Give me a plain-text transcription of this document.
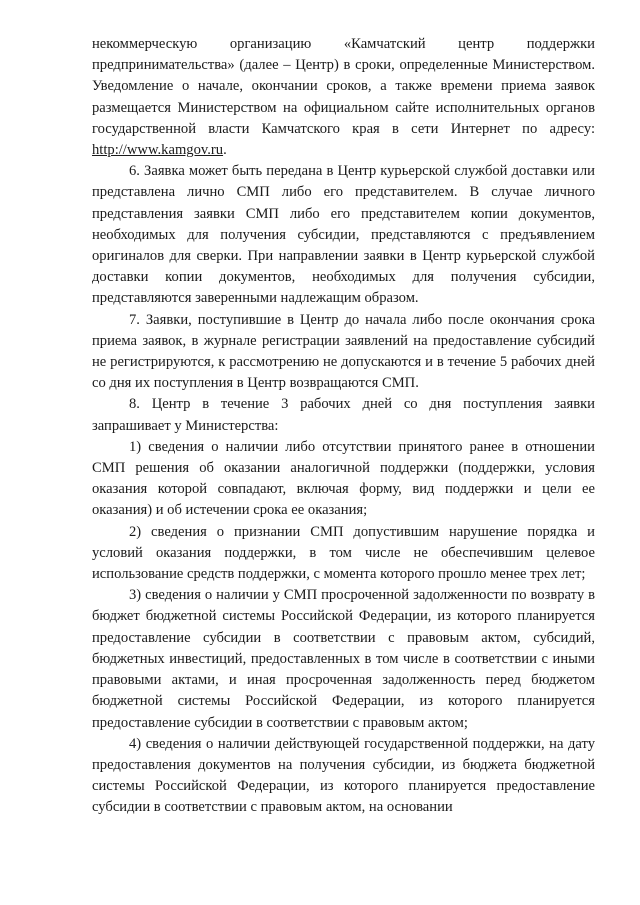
некоммерческую организацию «Камчатский центр поддержки предпринимательства» (далее – Центр) в сроки, определенные Министерством. Уведомление о начале, окончании сроков, а также времени приема заявок размещается Министерством на официальном сайте исполнительных органов государственной власти Камчатского края в сети Интернет по адресу: http://www.kamgov.ru.

6. Заявка может быть передана в Центр курьерской службой доставки или представлена лично СМП либо его представителем. В случае личного представления заявки СМП либо его представителем копии документов, необходимых для получения субсидии, представляются с предъявлением оригиналов для сверки. При направлении заявки в Центр курьерской службой доставки копии документов, необходимых для получения субсидии, представляются заверенными надлежащим образом.

7. Заявки, поступившие в Центр до начала либо после окончания срока приема заявок, в журнале регистрации заявлений на предоставление субсидий не регистрируются, к рассмотрению не допускаются и в течение 5 рабочих дней со дня их поступления в Центр возвращаются СМП.

8. Центр в течение 3 рабочих дней со дня поступления заявки запрашивает у Министерства:

1) сведения о наличии либо отсутствии принятого ранее в отношении СМП решения об оказании аналогичной поддержки (поддержки, условия оказания которой совпадают, включая форму, вид поддержки и цели ее оказания) и об истечении срока ее оказания;

2) сведения о признании СМП допустившим нарушение порядка и условий оказания поддержки, в том числе не обеспечившим целевое использование средств поддержки, с момента которого прошло менее трех лет;

3) сведения о наличии у СМП просроченной задолженности по возврату в бюджет бюджетной системы Российской Федерации, из которого планируется предоставление субсидии в соответствии с правовым актом, субсидий, бюджетных инвестиций, предоставленных в том числе в соответствии с иными правовыми актами, и иная просроченная задолженность перед бюджетом бюджетной системы Российской Федерации, из которого планируется предоставление субсидии в соответствии с правовым актом;

4) сведения о наличии действующей государственной поддержки, на дату предоставления документов на получения субсидии, из бюджета бюджетной системы Российской Федерации, из которого планируется предоставление субсидии в соответствии с правовым актом, на основании
